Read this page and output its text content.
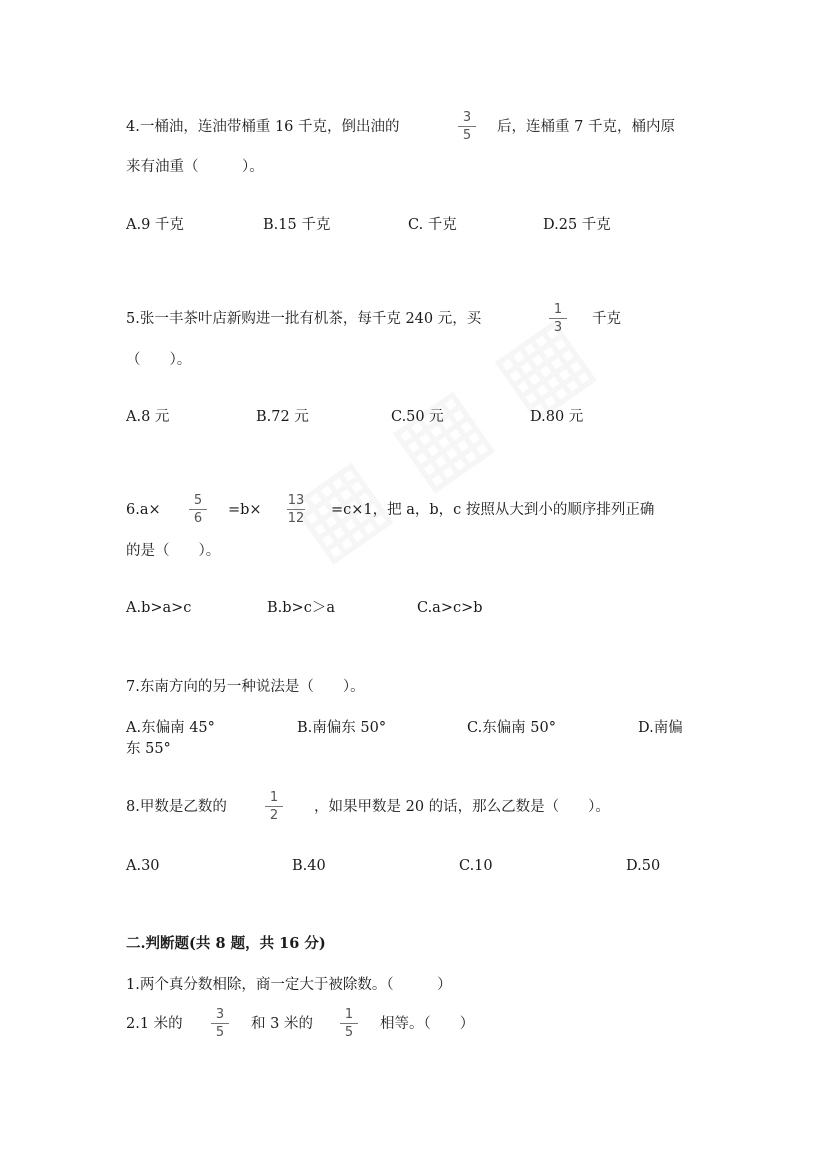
4.一桶油，连油带桶重 16 千克，倒出油的
3
5
后，连桶重 7 千克，桶内原
来有油重（　　　）。
A.9 千克	B.15 千克	C. 千克	D.25 千克
5.张一丰茶叶店新购进一批有机茶，每千克 240 元，买
1
3
千克
（　　）。
A.8 元	B.72 元	C.50 元	D.80 元
6.a×
5
6
=b×
13
12
=c×1，把 a，b，c 按照从大到小的顺序排列正确
的是（　　）。
A.b>a>c	B.b>c＞a	C.a>c>b
7.东南方向的另一种说法是（　　）。
A.东偏南 45°	B.南偏东 50°	C.东偏南 50°	D.南偏
东 55°
8.甲数是乙数的
1
2
，如果甲数是 20 的话，那么乙数是（　　）。
A.30	B.40	C.10	D.50
二.判断题(共 8 题，共 16 分)
1.两个真分数相除，商一定大于被除数。（　　　）
2.1 米的
3
5
和 3 米的
1
5
相等。（　　）
